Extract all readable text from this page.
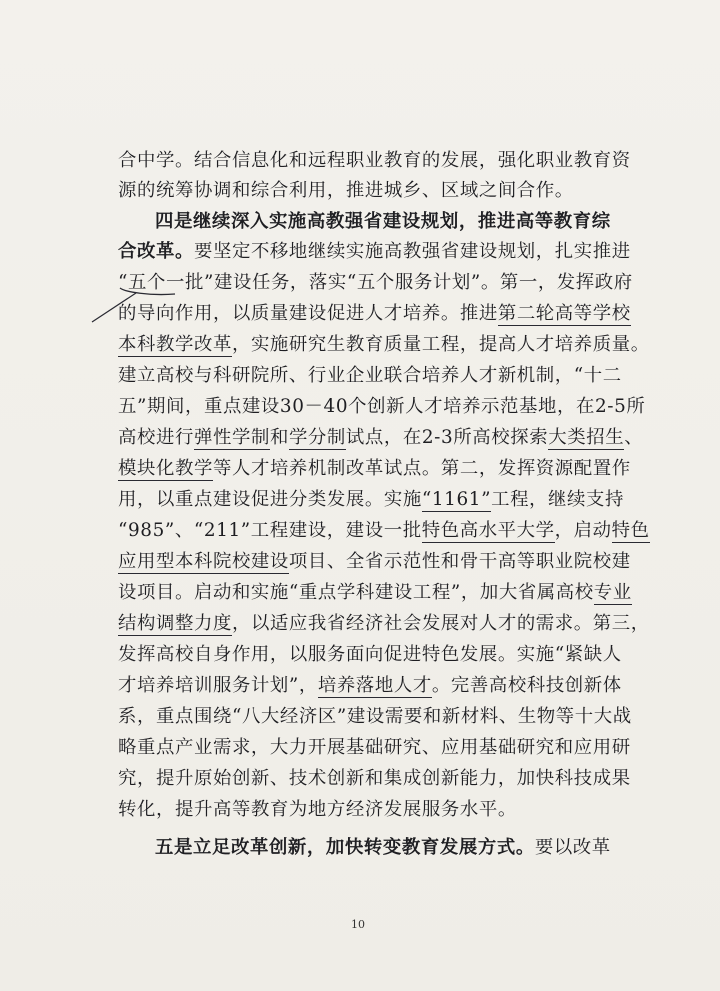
合中学。结合信息化和远程职业教育的发展，强化职业教育资
源的统筹协调和综合利用，推进城乡、区域之间合作。
四是继续深入实施高教强省建设规划，推进高等教育综
合改革。要坚定不移地继续实施高教强省建设规划，扎实推进
“五个一批”建设任务，落实“五个服务计划”。第一，发挥政府
的导向作用，以质量建设促进人才培养。推进第二轮高等学校
本科教学改革，实施研究生教育质量工程，提高人才培养质量。
建立高校与科研院所、行业企业联合培养人才新机制，“十二
五”期间，重点建设30－40个创新人才培养示范基地，在2-5所
高校进行弹性学制和学分制试点，在2-3所高校探索大类招生、
模块化教学等人才培养机制改革试点。第二，发挥资源配置作
用，以重点建设促进分类发展。实施“1161”工程，继续支持
“985”、“211”工程建设，建设一批特色高水平大学，启动特色
应用型本科院校建设项目、全省示范性和骨干高等职业院校建
设项目。启动和实施“重点学科建设工程”，加大省属高校专业
结构调整力度，以适应我省经济社会发展对人才的需求。第三，
发挥高校自身作用，以服务面向促进特色发展。实施“紧缺人
才培养培训服务计划”，培养落地人才。完善高校科技创新体
系，重点围绕“八大经济区”建设需要和新材料、生物等十大战
略重点产业需求，大力开展基础研究、应用基础研究和应用研
究，提升原始创新、技术创新和集成创新能力，加快科技成果
转化，提升高等教育为地方经济发展服务水平。
五是立足改革创新，加快转变教育发展方式。要以改革
10
